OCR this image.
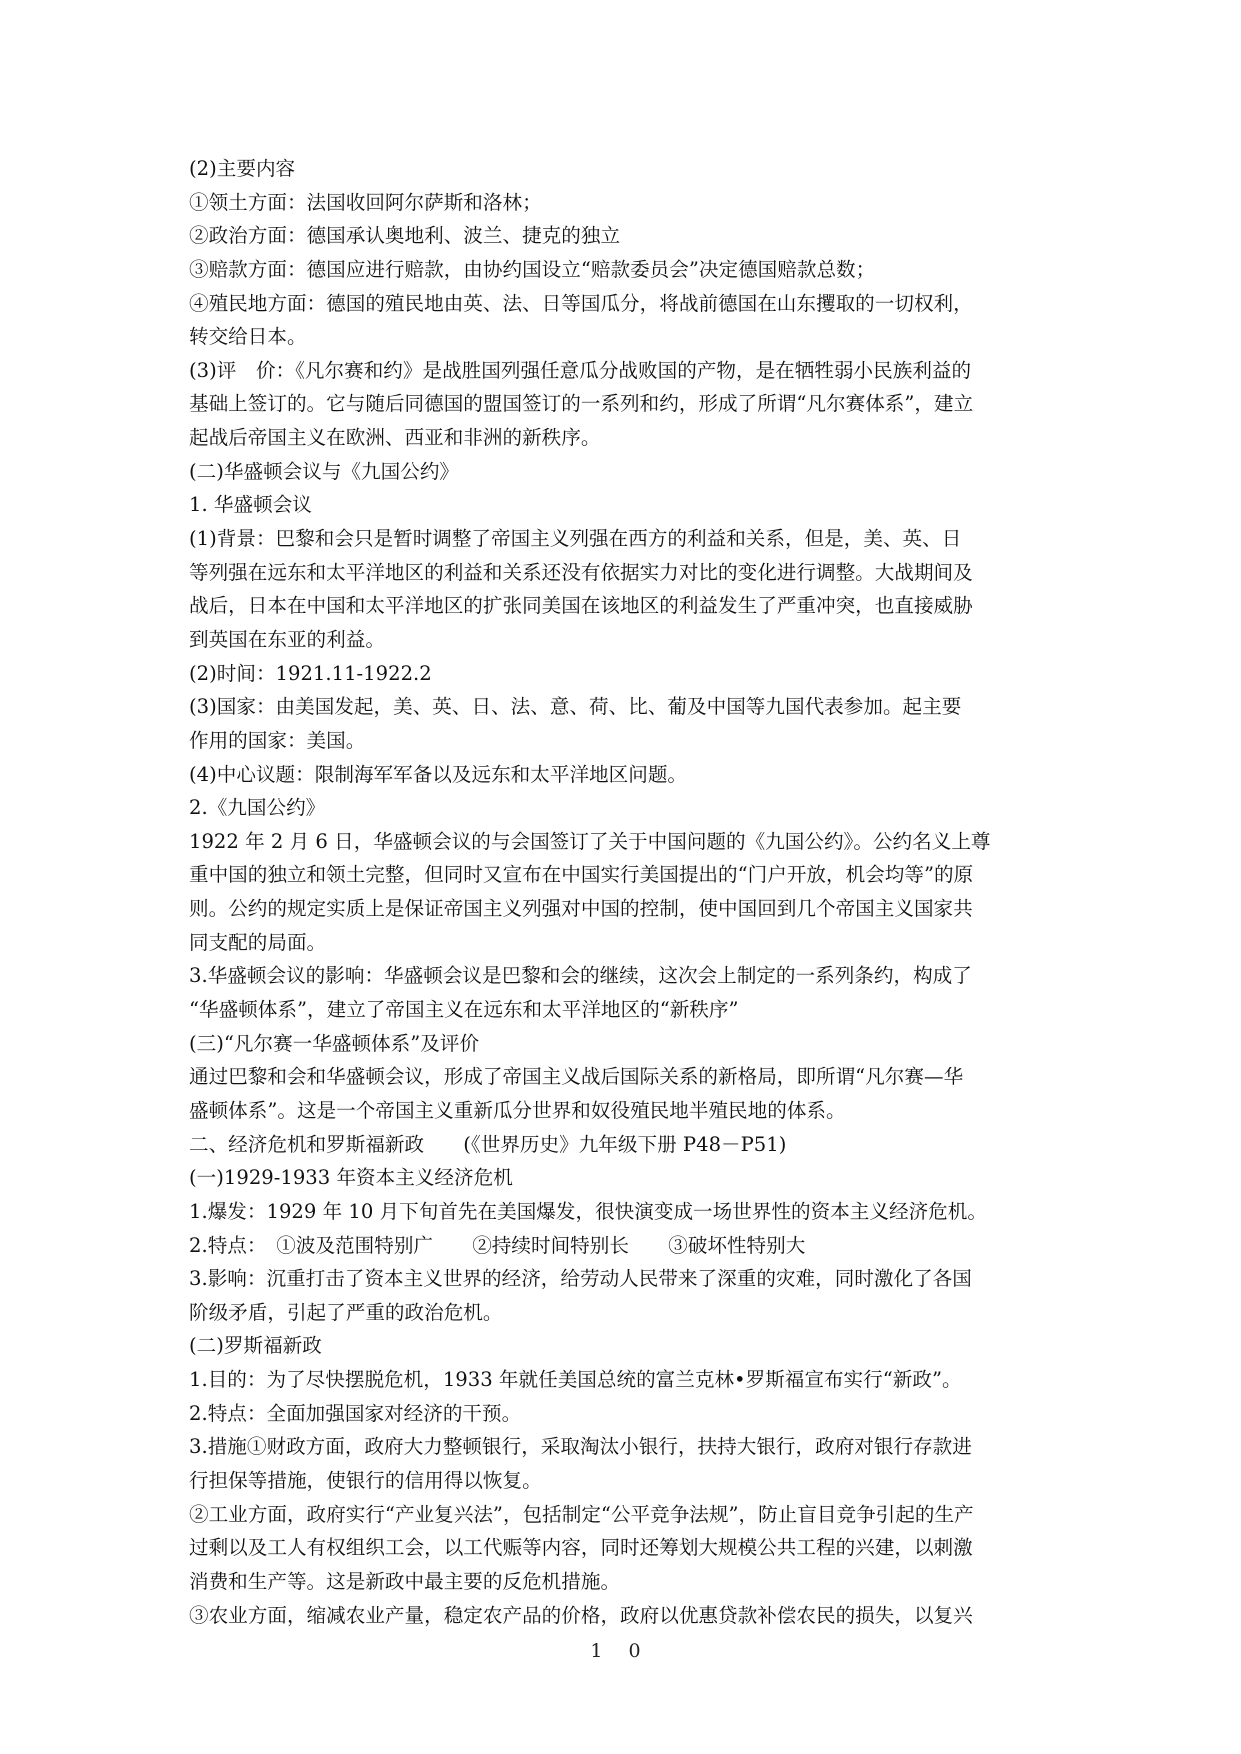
(2)主要内容
①领土方面：法国收回阿尔萨斯和洛林；
②政治方面：德国承认奥地利、波兰、捷克的独立
③赔款方面：德国应进行赔款，由协约国设立“赔款委员会”决定德国赔款总数；
④殖民地方面：德国的殖民地由英、法、日等国瓜分，将战前德国在山东攫取的一切权利，
转交给日本。
(3)评　价：《凡尔赛和约》是战胜国列强任意瓜分战败国的产物，是在牺牲弱小民族利益的
基础上签订的。它与随后同德国的盟国签订的一系列和约，形成了所谓“凡尔赛体系”，建立
起战后帝国主义在欧洲、西亚和非洲的新秩序。
(二)华盛顿会议与《九国公约》
1. 华盛顿会议
(1)背景：巴黎和会只是暂时调整了帝国主义列强在西方的利益和关系，但是，美、英、日
等列强在远东和太平洋地区的利益和关系还没有依据实力对比的变化进行调整。大战期间及
战后，日本在中国和太平洋地区的扩张同美国在该地区的利益发生了严重冲突，也直接威胁
到英国在东亚的利益。
(2)时间：1921.11-1922.2
(3)国家：由美国发起，美、英、日、法、意、荷、比、葡及中国等九国代表参加。起主要
作用的国家：美国。
(4)中心议题：限制海军军备以及远东和太平洋地区问题。
2.《九国公约》
1922 年 2 月 6 日，华盛顿会议的与会国签订了关于中国问题的《九国公约》。公约名义上尊
重中国的独立和领土完整，但同时又宣布在中国实行美国提出的“门户开放，机会均等”的原
则。公约的规定实质上是保证帝国主义列强对中国的控制，使中国回到几个帝国主义国家共
同支配的局面。
3.华盛顿会议的影响：华盛顿会议是巴黎和会的继续，这次会上制定的一系列条约，构成了
“华盛顿体系”，建立了帝国主义在远东和太平洋地区的“新秩序”
(三)“凡尔赛一华盛顿体系”及评价
通过巴黎和会和华盛顿会议，形成了帝国主义战后国际关系的新格局，即所谓“凡尔赛—华
盛顿体系”。这是一个帝国主义重新瓜分世界和奴役殖民地半殖民地的体系。
二、经济危机和罗斯福新政　　(《世界历史》九年级下册 P48－P51)
(一)1929-1933 年资本主义经济危机
1.爆发：1929 年 10 月下旬首先在美国爆发，很快演变成一场世界性的资本主义经济危机。
2.特点：　①波及范围特别广　　②持续时间特别长　　③破坏性特别大
3.影响：沉重打击了资本主义世界的经济，给劳动人民带来了深重的灾难，同时激化了各国
阶级矛盾，引起了严重的政治危机。
(二)罗斯福新政
1.目的：为了尽快摆脱危机，1933 年就任美国总统的富兰克林•罗斯福宣布实行“新政”。
2.特点：全面加强国家对经济的干预。
3.措施①财政方面，政府大力整顿银行，采取淘汰小银行，扶持大银行，政府对银行存款进
行担保等措施，使银行的信用得以恢复。
②工业方面，政府实行“产业复兴法”，包括制定“公平竞争法规”，防止盲目竞争引起的生产
过剩以及工人有权组织工会，以工代赈等内容，同时还筹划大规模公共工程的兴建，以刺激
消费和生产等。这是新政中最主要的反危机措施。
③农业方面，缩减农业产量，稳定农产品的价格，政府以优惠贷款补偿农民的损失，以复兴
1 0
